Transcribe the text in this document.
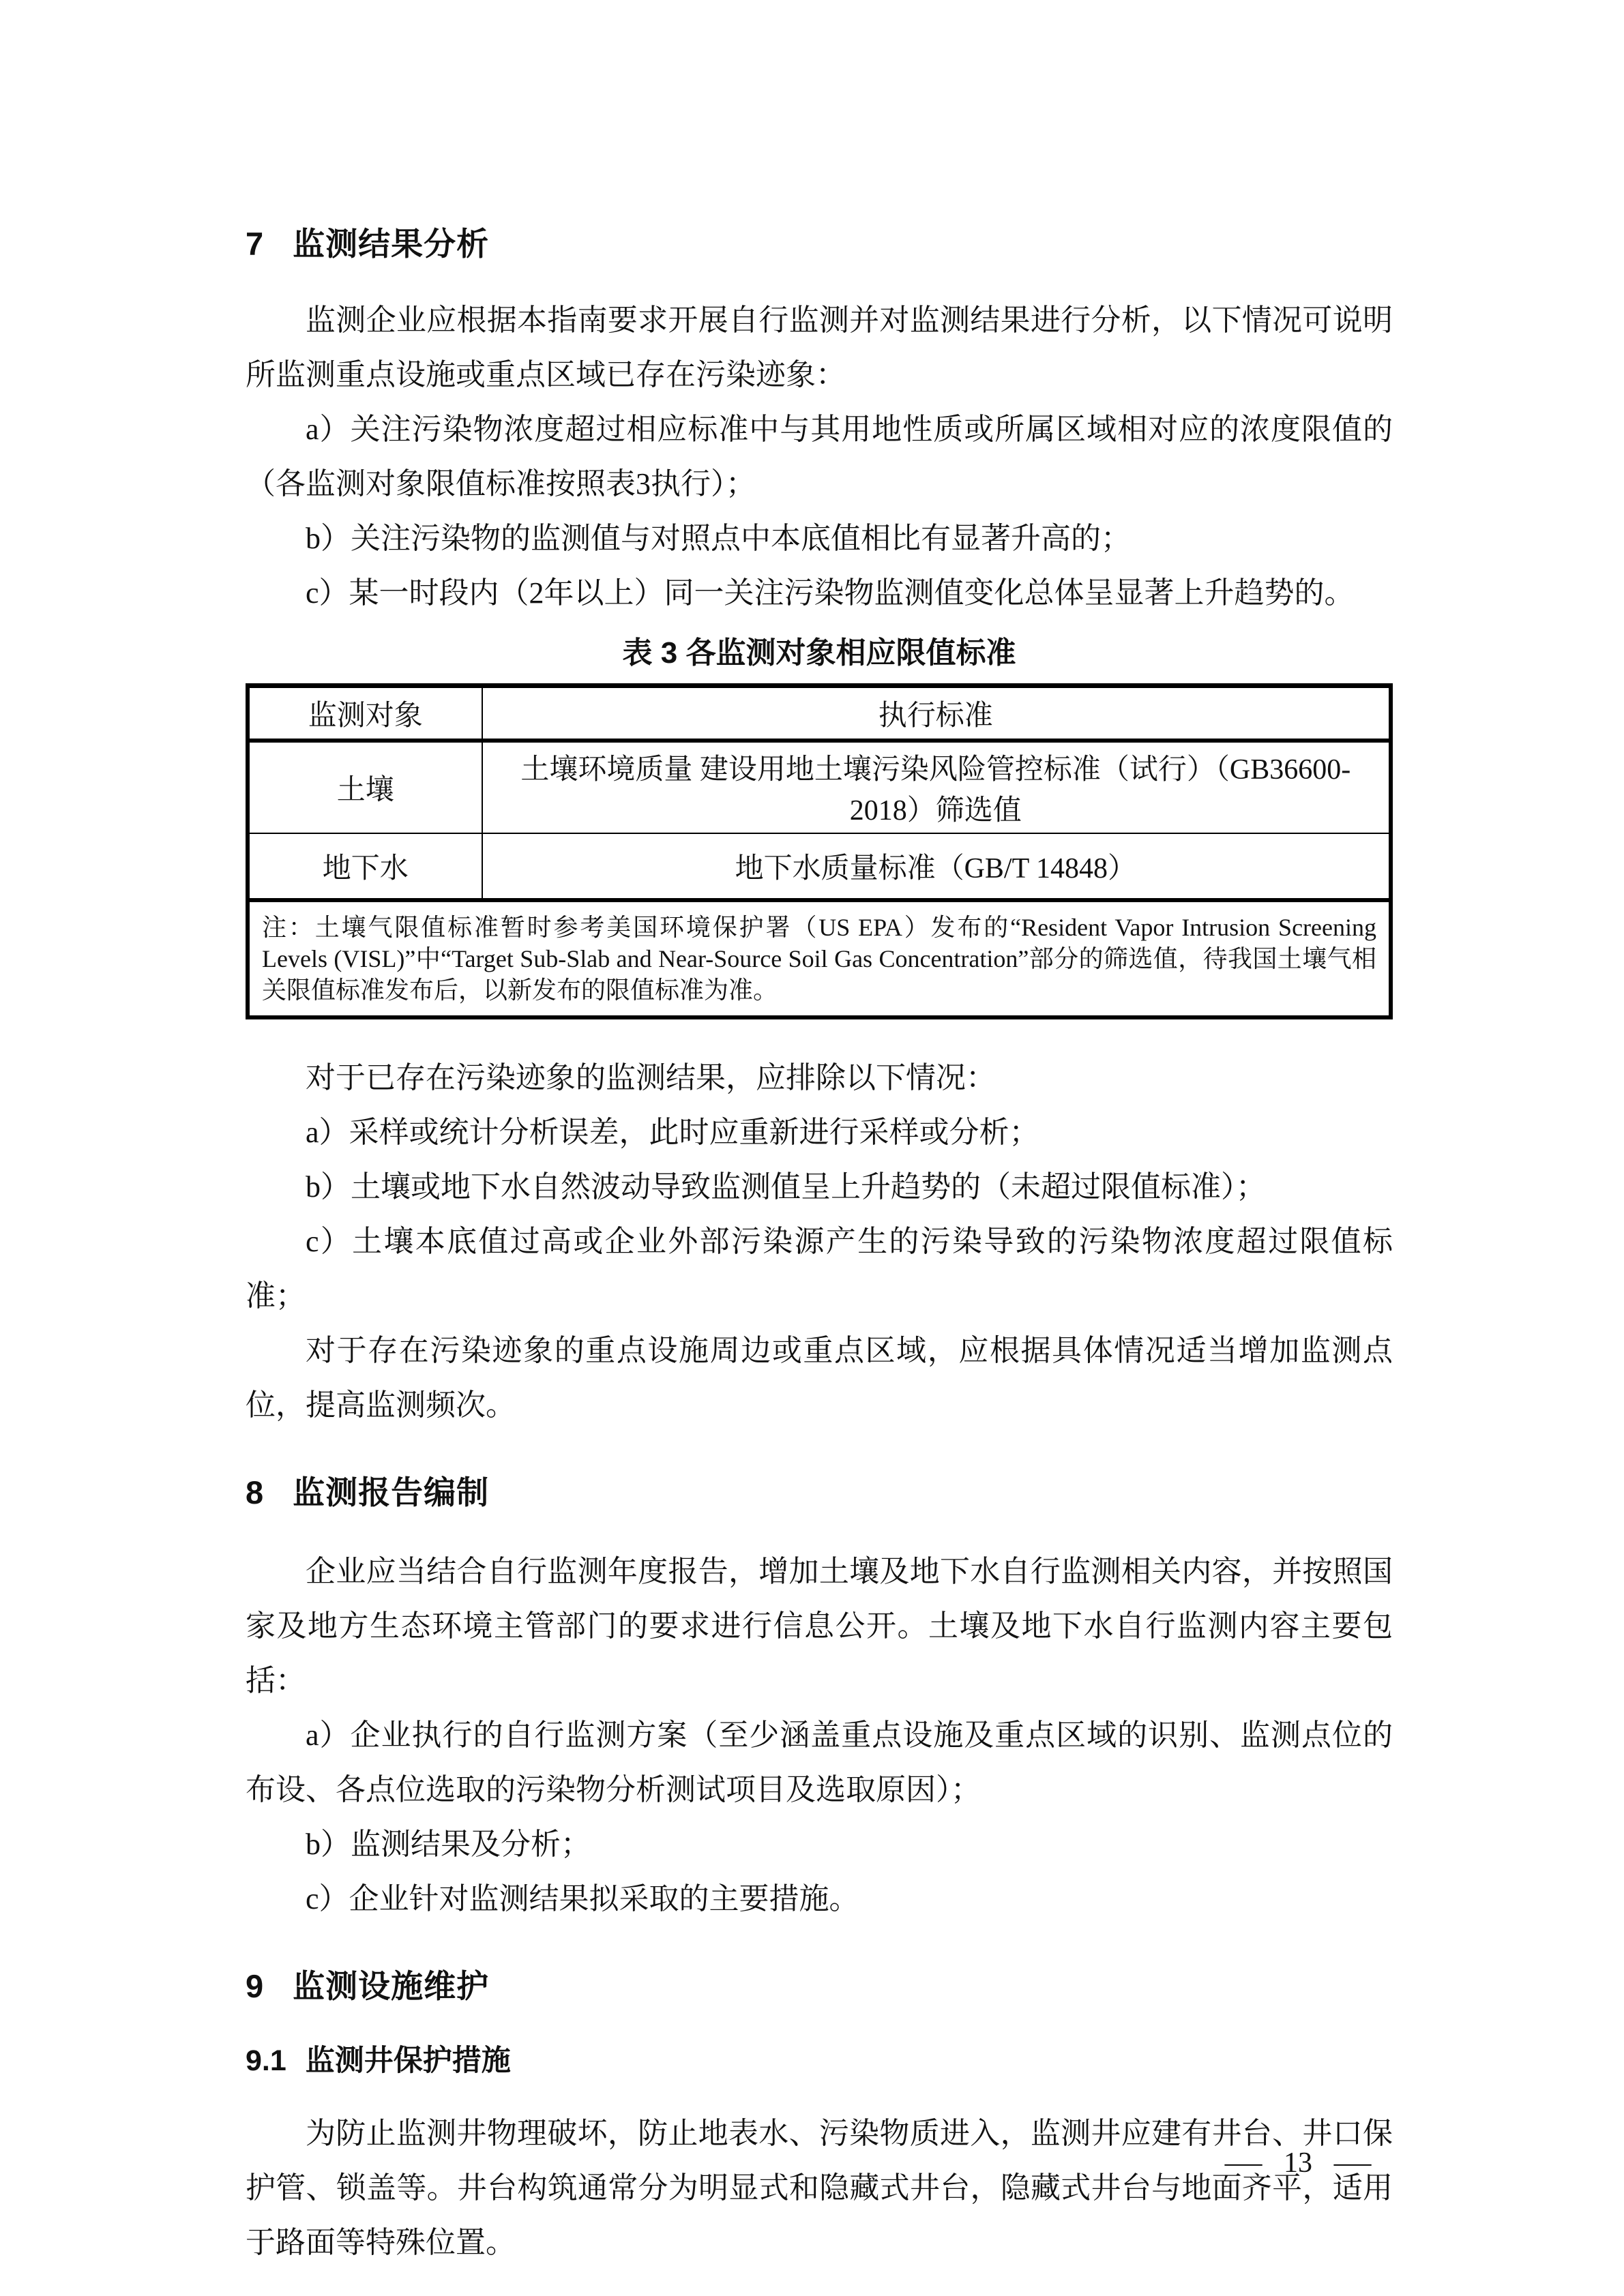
7 监测结果分析

监测企业应根据本指南要求开展自行监测并对监测结果进行分析，以下情况可说明所监测重点设施或重点区域已存在污染迹象：

a）关注污染物浓度超过相应标准中与其用地性质或所属区域相对应的浓度限值的（各监测对象限值标准按照表3执行）；

b）关注污染物的监测值与对照点中本底值相比有显著升高的；

c）某一时段内（2年以上）同一关注污染物监测值变化总体呈显著上升趋势的。

表 3 各监测对象相应限值标准
监测对象	执行标准
土壤	土壤环境质量 建设用地土壤污染风险管控标准（试行）（GB36600-2018）筛选值
地下水	地下水质量标准（GB/T 14848）
注：土壤气限值标准暂时参考美国环境保护署（US EPA）发布的“Resident Vapor Intrusion Screening Levels (VISL)”中“Target Sub-Slab and Near-Source Soil Gas Concentration”部分的筛选值，待我国土壤气相关限值标准发布后，以新发布的限值标准为准。	

对于已存在污染迹象的监测结果，应排除以下情况：

a）采样或统计分析误差，此时应重新进行采样或分析；

b）土壤或地下水自然波动导致监测值呈上升趋势的（未超过限值标准）；

c）土壤本底值过高或企业外部污染源产生的污染导致的污染物浓度超过限值标准；

对于存在污染迹象的重点设施周边或重点区域，应根据具体情况适当增加监测点位，提高监测频次。

8 监测报告编制

企业应当结合自行监测年度报告，增加土壤及地下水自行监测相关内容，并按照国家及地方生态环境主管部门的要求进行信息公开。土壤及地下水自行监测内容主要包括：

a）企业执行的自行监测方案（至少涵盖重点设施及重点区域的识别、监测点位的布设、各点位选取的污染物分析测试项目及选取原因）；

b）监测结果及分析；

c）企业针对监测结果拟采取的主要措施。

9 监测设施维护
9.1 监测井保护措施

为防止监测井物理破坏，防止地表水、污染物质进入，监测井应建有井台、井口保护管、锁盖等。井台构筑通常分为明显式和隐藏式井台，隐藏式井台与地面齐平，适用于路面等特殊位置。

— 13 —
